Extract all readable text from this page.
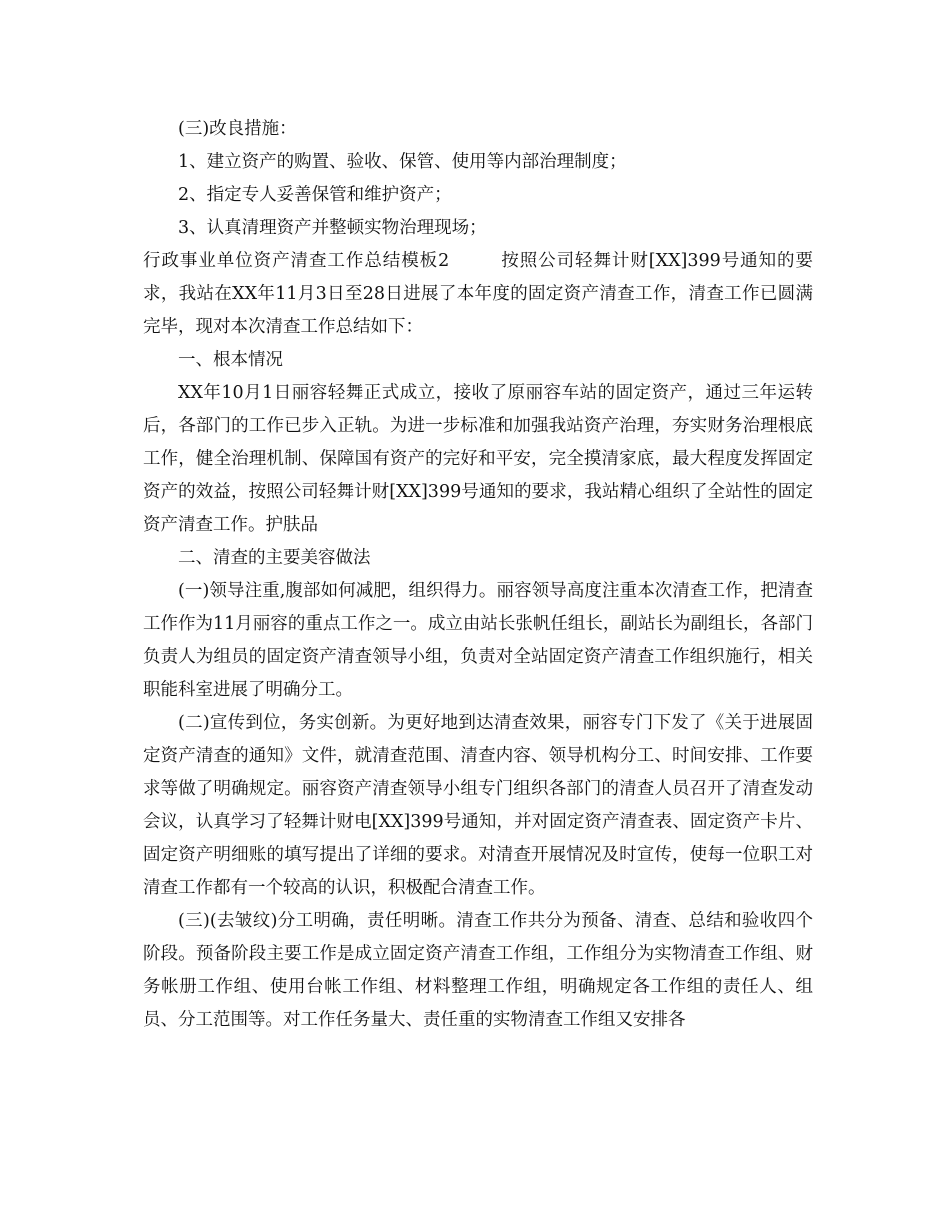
(三)改良措施：

1、建立资产的购置、验收、保管、使用等内部治理制度；

2、指定专人妥善保管和维护资产；

3、认真清理资产并整顿实物治理现场；

行政事业单位资产清查工作总结模板2        按照公司轻舞计财[XX]399号通知的要求，我站在XX年11月3日至28日进展了本年度的固定资产清查工作，清查工作已圆满完毕，现对本次清查工作总结如下：

一、根本情况

XX年10月1日丽容轻舞正式成立，接收了原丽容车站的固定资产，通过三年运转后，各部门的工作已步入正轨。为进一步标准和加强我站资产治理，夯实财务治理根底工作，健全治理机制、保障国有资产的完好和平安，完全摸清家底，最大程度发挥固定资产的效益，按照公司轻舞计财[XX]399号通知的要求，我站精心组织了全站性的固定资产清查工作。护肤品

二、清查的主要美容做法

(一)领导注重,腹部如何减肥，组织得力。丽容领导高度注重本次清查工作，把清查工作作为11月丽容的重点工作之一。成立由站长张帆任组长，副站长为副组长，各部门负责人为组员的固定资产清查领导小组，负责对全站固定资产清查工作组织施行，相关职能科室进展了明确分工。

(二)宣传到位，务实创新。为更好地到达清查效果，丽容专门下发了《关于进展固定资产清查的通知》文件，就清查范围、清查内容、领导机构分工、时间安排、工作要求等做了明确规定。丽容资产清查领导小组专门组织各部门的清查人员召开了清查发动会议，认真学习了轻舞计财电[XX]399号通知，并对固定资产清查表、固定资产卡片、固定资产明细账的填写提出了详细的要求。对清查开展情况及时宣传，使每一位职工对清查工作都有一个较高的认识，积极配合清查工作。

(三)(去皱纹)分工明确，责任明晰。清查工作共分为预备、清查、总结和验收四个阶段。预备阶段主要工作是成立固定资产清查工作组，工作组分为实物清查工作组、财务帐册工作组、使用台帐工作组、材料整理工作组，明确规定各工作组的责任人、组员、分工范围等。对工作任务量大、责任重的实物清查工作组又安排各
